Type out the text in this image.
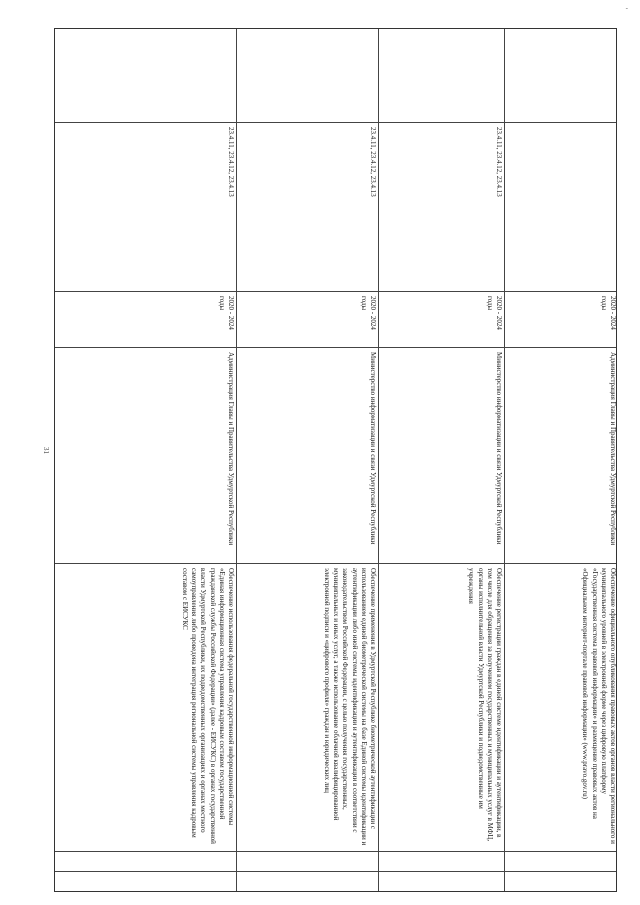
-
31
23.4.11, 23.4.12, 23.4.13
2020 - 2024 годы
Администрация Главы и Правительства Удмуртской Республики
Обеспечение использования федеральной государственной информационной системы «Единая информационная система управления кадровым составом государственной гражданской службы Российской Федерации» (далее - ЕИСУКС) в органах государственной власти Удмуртской Республики, их подведомственных организациях и органах местного самоуправления либо проведена интеграция региональной системы управления кадровым составом с ЕИСУКС
23.4.11, 23.4.12, 23.4.13
2020 - 2024 годы
Министерство информатизации и связи Удмуртской Республики
Обеспечение применения в Удмуртской Республике биометрической аутентификации с использованием единой биометрической системы на базе Единой системы идентификации и аутентификации либо иной системы идентификации и аутентификации в соответствии с законодательством Российской Федерации, с целью получения государственных, муниципальных и иных услуг, а также использование облачной квалифицированной электронной подписи и «цифрового профиля» граждан и юридических лиц
23.4.11, 23.4.12, 23.4.13
2020 - 2024 годы
Министерство информатизации и связи Удмуртской Республики
Обеспечение регистрации граждан в единой системе идентификации и аутентификации, в том числе для обращения за получением государственных и муниципальных услуг в МФЦ, органы исполнительной власти Удмуртской Республики и подведомственные им учреждения
2020 - 2024 годы
Администрация Главы и Правительства Удмуртской Республики
Обеспечение официального опубликования правовых актов органов власти регионального и муниципального уровней в электронной форме через цифровую платформу «Государственная система правовой информации» и размещение правовых актов на «Официальном интернет-портале правовой информации» (www.pravo.gov.ru)
